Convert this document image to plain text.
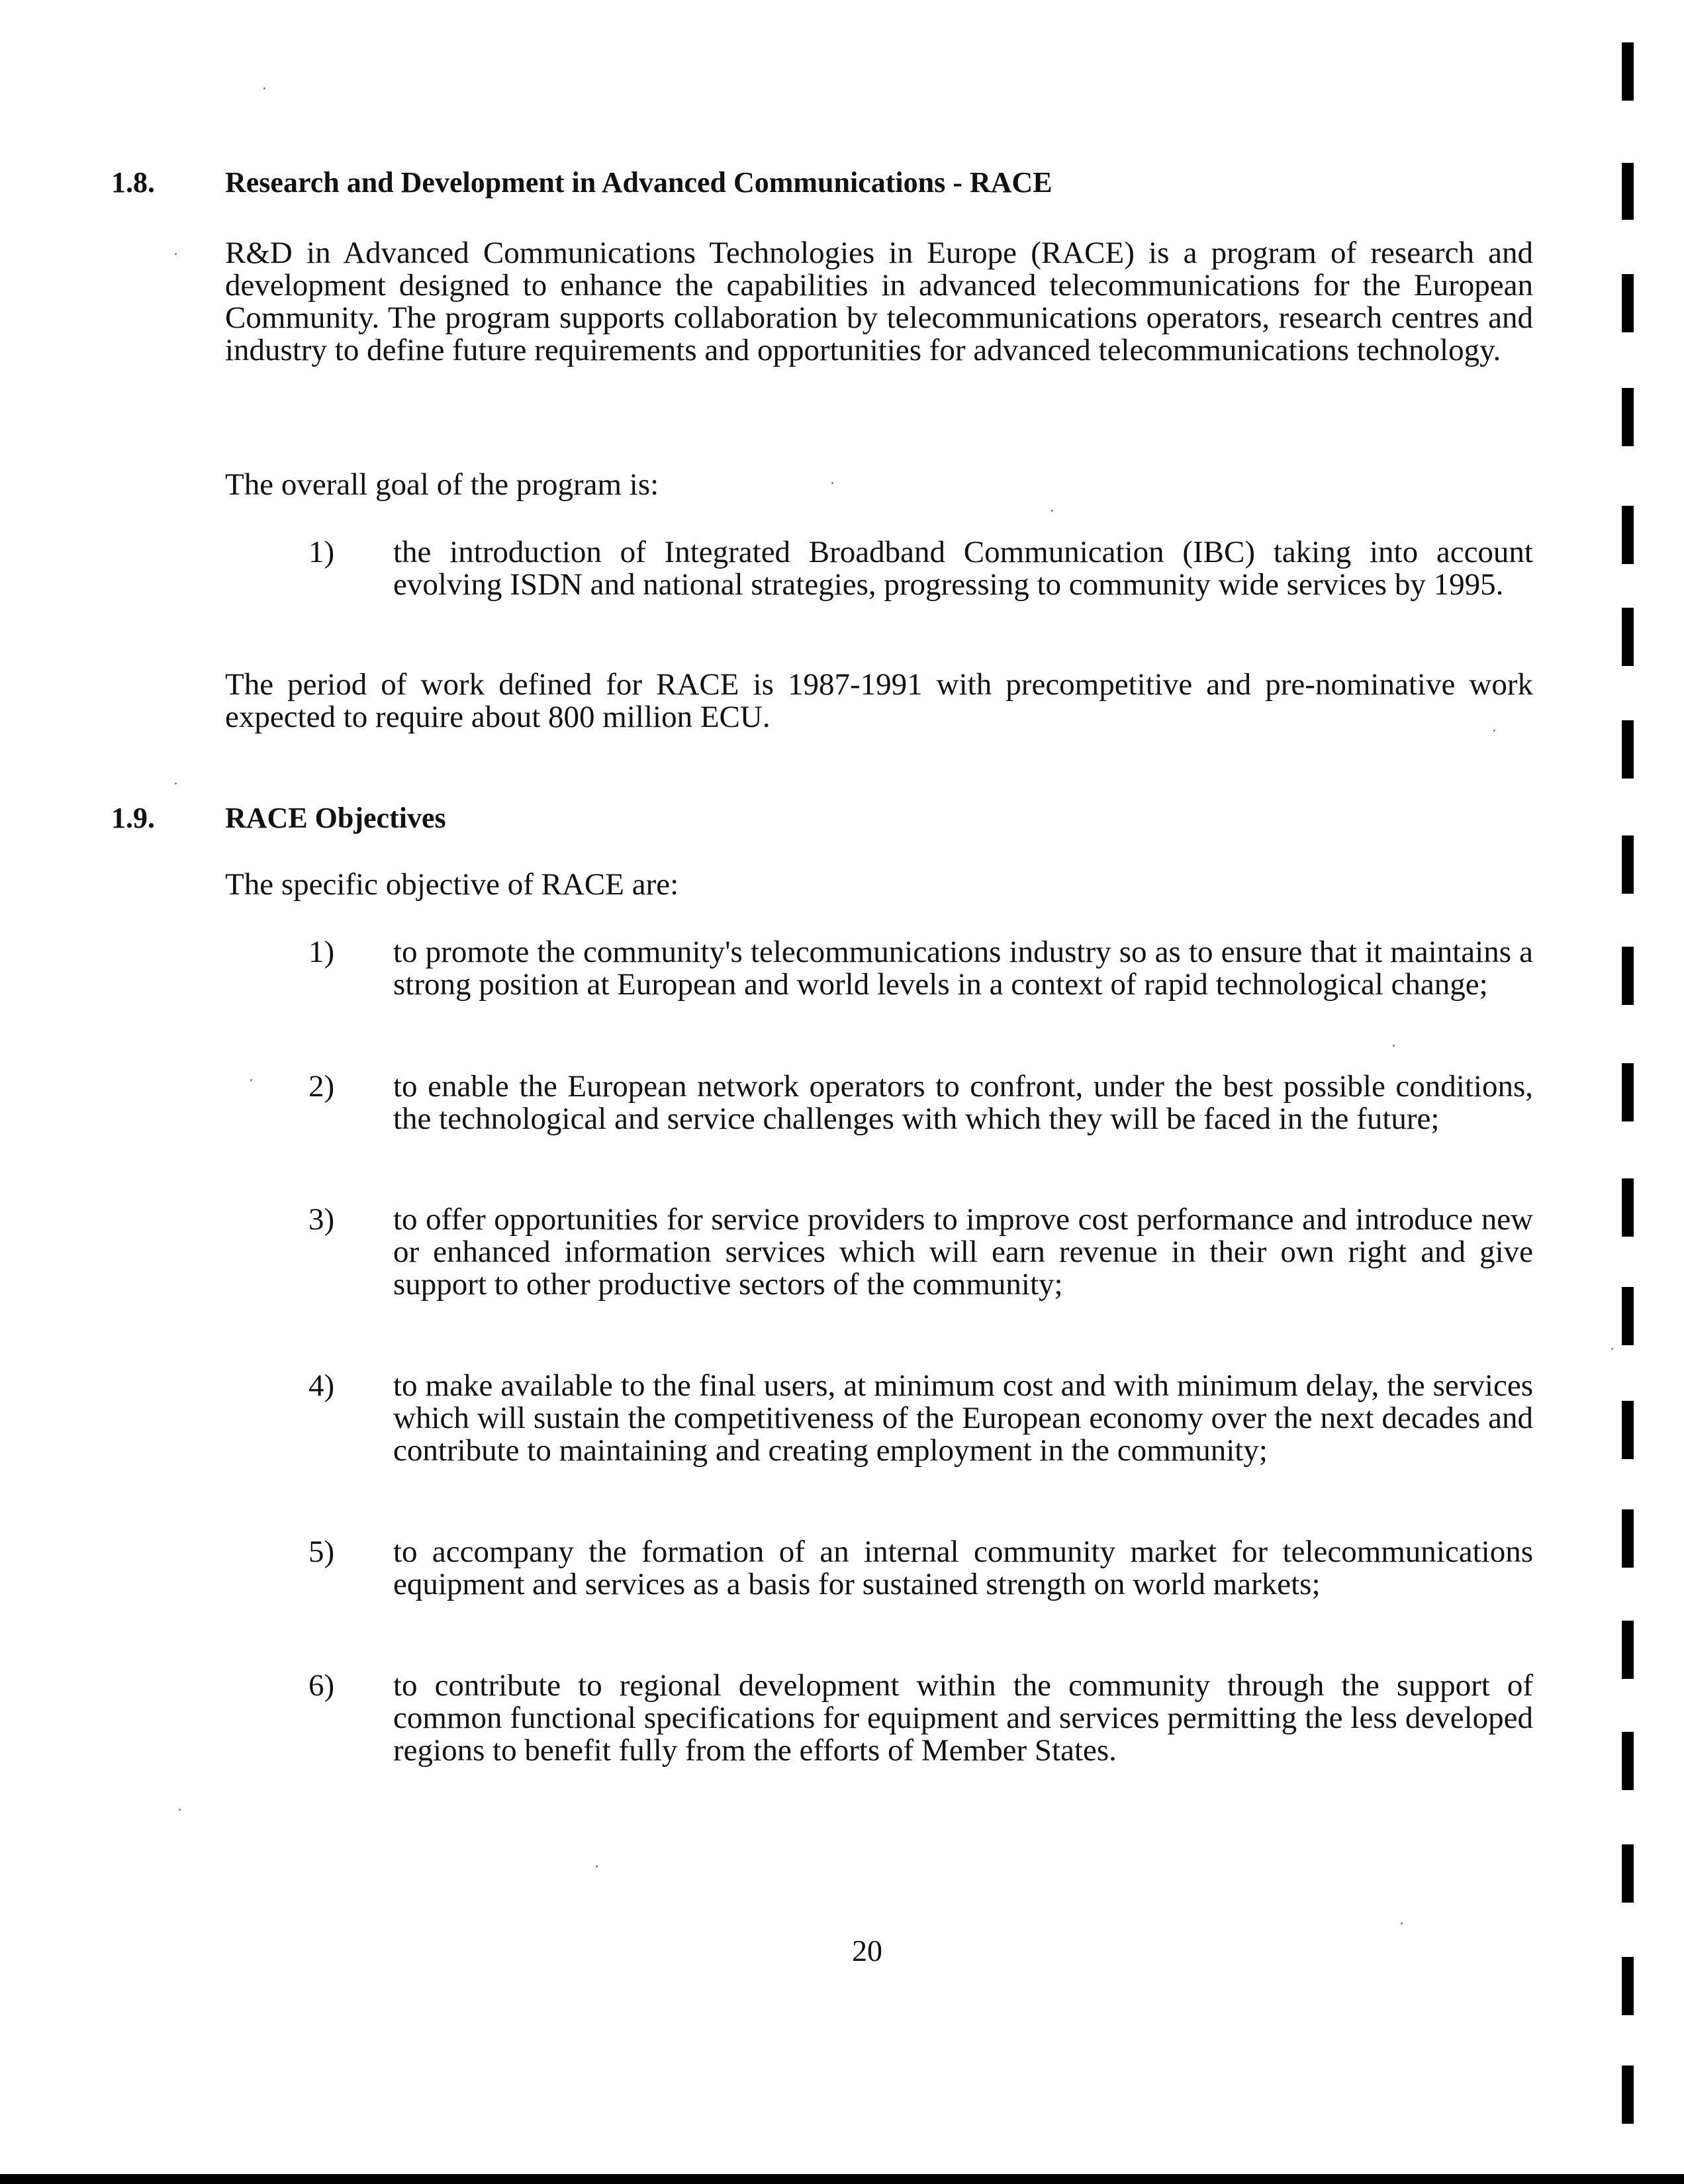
1.8. Research and Development in Advanced Communications - RACE
R&D in Advanced Communications Technologies in Europe (RACE) is a program of research and development designed to enhance the capabilities in advanced telecommunications for the European Community. The program supports collaboration by telecommunications operators, research centres and industry to define future requirements and opportunities for advanced telecommunications technology.
The overall goal of the program is:
1) the introduction of Integrated Broadband Communication (IBC) taking into account evolving ISDN and national strategies, progressing to community wide services by 1995.
The period of work defined for RACE is 1987-1991 with precompetitive and pre-nominative work expected to require about 800 million ECU.
1.9. RACE Objectives
The specific objective of RACE are:
1) to promote the community's telecommunications industry so as to ensure that it maintains a strong position at European and world levels in a context of rapid technological change;
2) to enable the European network operators to confront, under the best possible conditions, the technological and service challenges with which they will be faced in the future;
3) to offer opportunities for service providers to improve cost performance and introduce new or enhanced information services which will earn revenue in their own right and give support to other productive sectors of the community;
4) to make available to the final users, at minimum cost and with minimum delay, the services which will sustain the competitiveness of the European economy over the next decades and contribute to maintaining and creating employment in the community;
5) to accompany the formation of an internal community market for telecommunications equipment and services as a basis for sustained strength on world markets;
6) to contribute to regional development within the community through the support of common functional specifications for equipment and services permitting the less developed regions to benefit fully from the efforts of Member States.
20
